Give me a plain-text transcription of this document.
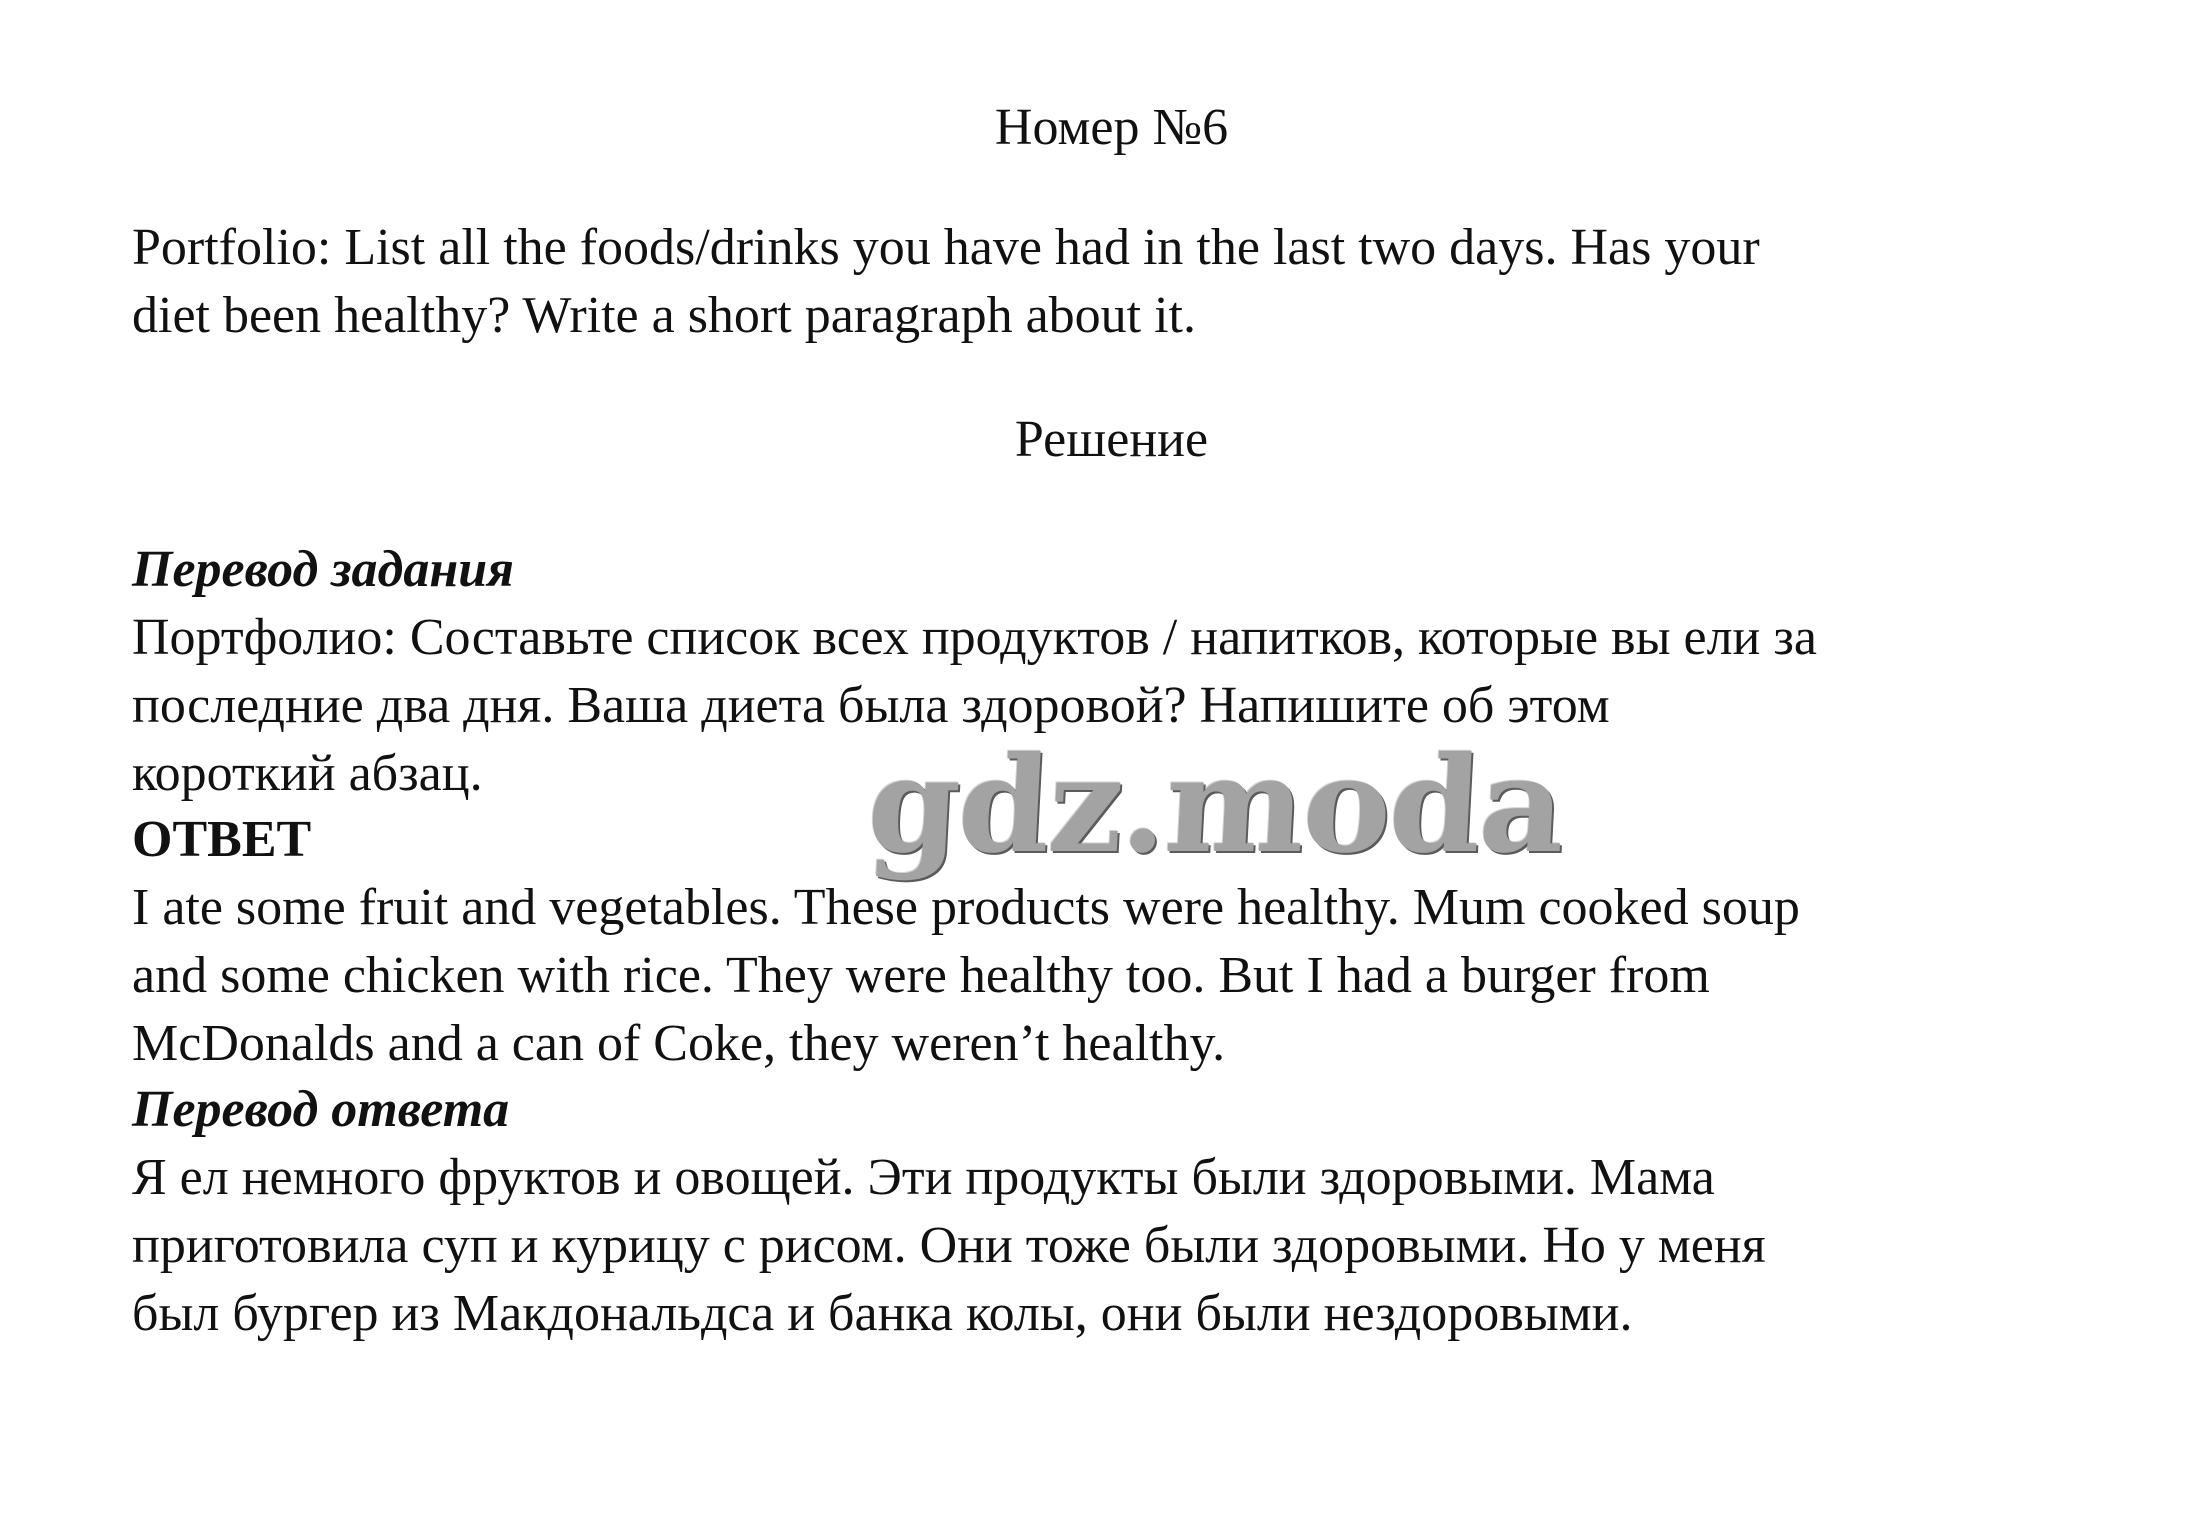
Номер №6
Portfolio: List all the foods/drinks you have had in the last two days. Has your
diet been healthy? Write a short paragraph about it.
Решение
Перевод задания
Портфолио: Составьте список всех продуктов / напитков, которые вы ели за
последние два дня. Ваша диета была здоровой? Напишите об этом
короткий абзац.
ОТВЕТ
I ate some fruit and vegetables. These products were healthy. Mum cooked soup
and some chicken with rice. They were healthy too. But I had a burger from
McDonalds and a can of Coke, they weren’t healthy.
Перевод ответа
Я ел немного фруктов и овощей. Эти продукты были здоровыми. Мама
приготовила суп и курицу с рисом. Они тоже были здоровыми. Но у меня
был бургер из Макдональдса и банка колы, они были нездоровыми.
gdz.moda
